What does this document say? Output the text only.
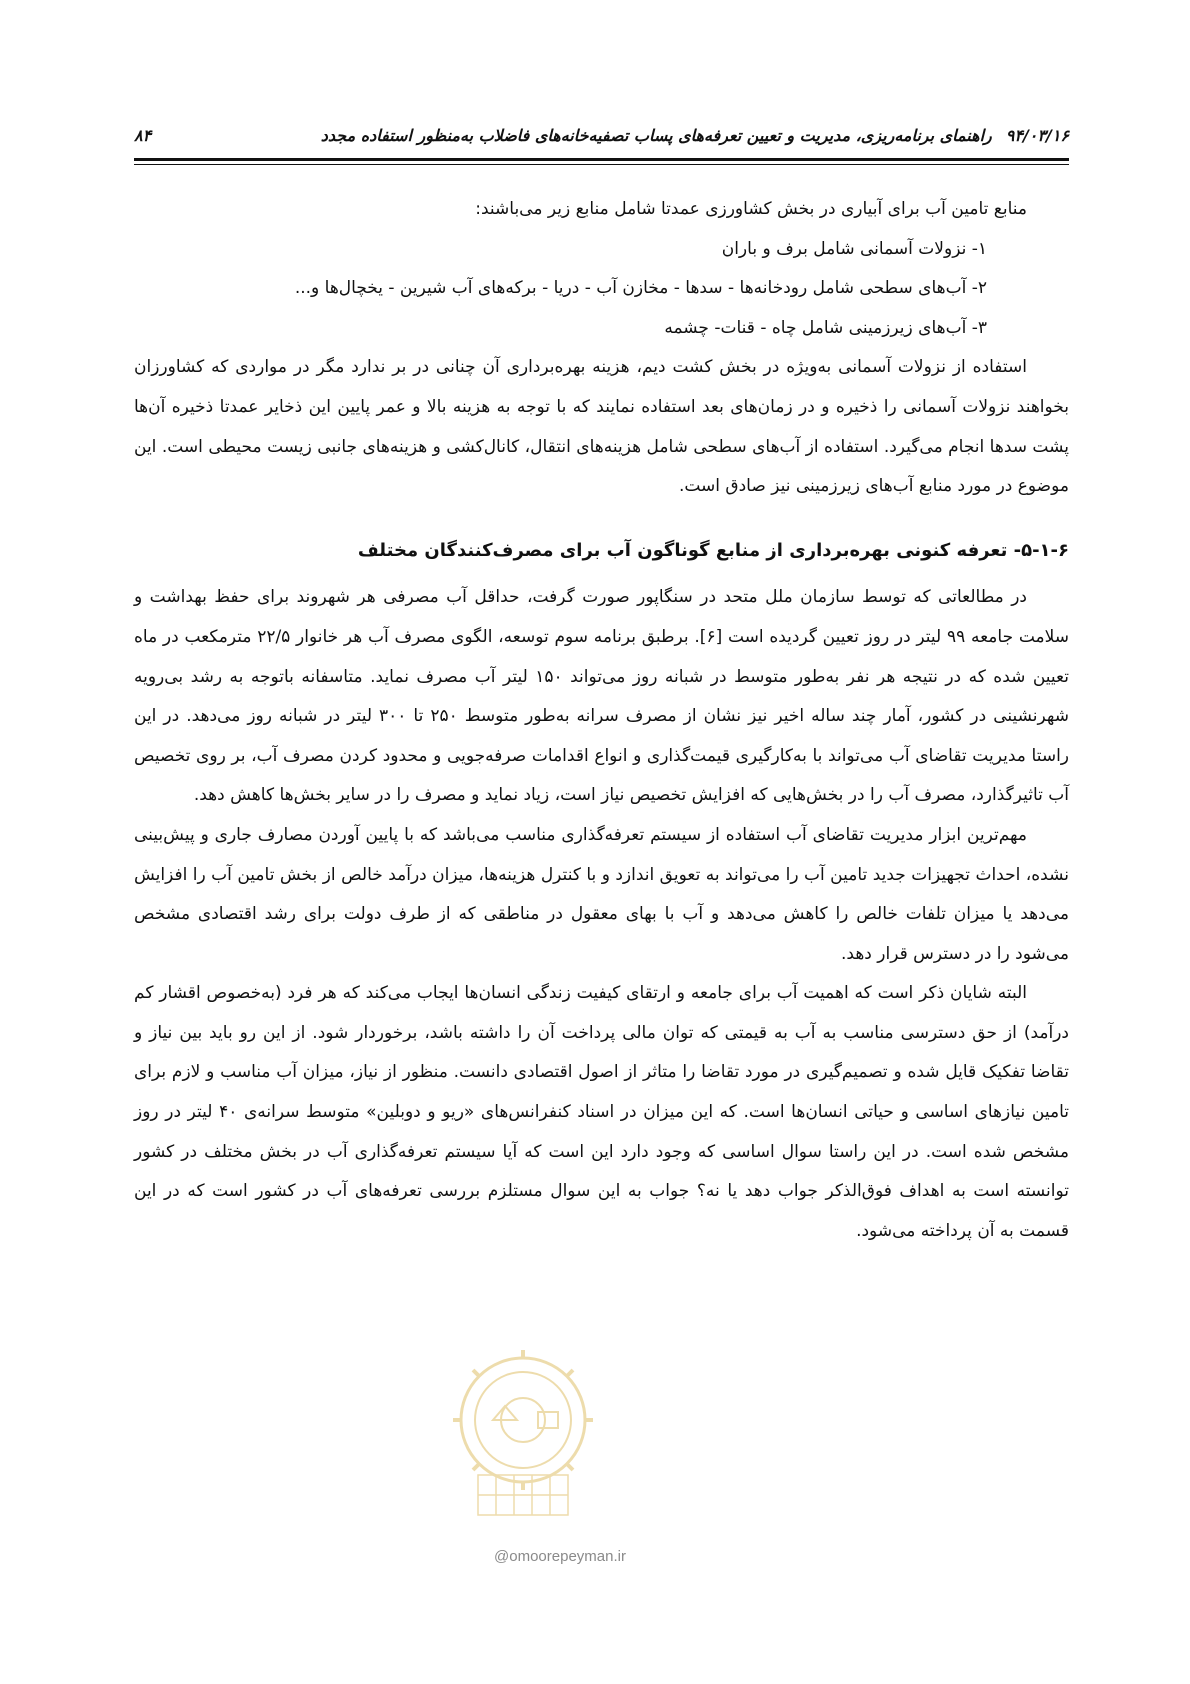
۹۴/۰۳/۱۶راهنمای برنامه‌ریزی، مدیریت و تعیین تعرفه‌های پساب تصفیه‌خانه‌های فاضلاب به‌منظور استفاده مجدد
۸۴

منابع تامین آب برای آبیاری در بخش کشاورزی عمدتا شامل منابع زیر می‌باشند:

۱- نزولات آسمانی شامل برف و باران

۲- آب‌های سطحی شامل رودخانه‌ها - سدها - مخازن آب - دریا - برکه‌های آب شیرین - یخچال‌ها و...

۳- آب‌های زیرزمینی شامل چاه - قنات- چشمه

استفاده از نزولات آسمانی به‌ویژه در بخش کشت دیم، هزینه بهره‌برداری آن چنانی در بر ندارد مگر در مواردی که کشاورزان بخواهند نزولات آسمانی را ذخیره و در زمان‌های بعد استفاده نمایند که با توجه به هزینه بالا و عمر پایین این ذخایر عمدتا ذخیره آن‌ها پشت سدها انجام می‌گیرد. استفاده از آب‌های سطحی شامل هزینه‌های انتقال، کانال‌کشی و هزینه‌های جانبی زیست محیطی است. این موضوع در مورد منابع آب‌های زیرزمینی نیز صادق است.

۵-۱-۶- تعرفه کنونی بهره‌برداری از منابع گوناگون آب برای مصرف‌کنندگان مختلف

در مطالعاتی که توسط سازمان ملل متحد در سنگاپور صورت گرفت، حداقل آب مصرفی هر شهروند برای حفظ بهداشت و سلامت جامعه ۹۹ لیتر در روز تعیین گردیده است [۶]. برطبق برنامه سوم توسعه، الگوی مصرف آب هر خانوار ۲۲/۵ مترمکعب در ماه تعیین شده که در نتیجه هر نفر به‌طور متوسط در شبانه روز می‌تواند ۱۵۰ لیتر آب مصرف نماید. متاسفانه باتوجه به رشد بی‌رویه شهرنشینی در کشور، آمار چند ساله اخیر نیز نشان از مصرف سرانه به‌طور متوسط ۲۵۰ تا ۳۰۰ لیتر در شبانه روز می‌دهد. در این راستا مدیریت تقاضای آب می‌تواند با به‌کارگیری قیمت‌گذاری و انواع اقدامات صرفه‌جویی و محدود کردن مصرف آب، بر روی تخصیص آب تاثیرگذارد، مصرف آب را در بخش‌هایی که افزایش تخصیص نیاز است، زیاد نماید و مصرف را در سایر بخش‌ها کاهش دهد.

مهم‌ترین ابزار مدیریت تقاضای آب استفاده از سیستم تعرفه‌گذاری مناسب می‌باشد که با پایین آوردن مصارف جاری و پیش‌بینی نشده، احداث تجهیزات جدید تامین آب را می‌تواند به تعویق اندازد و با کنترل هزینه‌ها، میزان درآمد خالص از بخش تامین آب را افزایش می‌دهد یا میزان تلفات خالص را کاهش می‌دهد و آب با بهای معقول در مناطقی که از طرف دولت برای رشد اقتصادی مشخص می‌شود را در دسترس قرار دهد.

البته شایان ذکر است که اهمیت آب برای جامعه و ارتقای کیفیت زندگی انسان‌ها ایجاب می‌کند که هر فرد (به‌خصوص اقشار کم درآمد) از حق دسترسی مناسب به آب به قیمتی که توان مالی پرداخت آن را داشته باشد، برخوردار شود. از این رو باید بین نیاز و تقاضا تفکیک قایل شده و تصمیم‌گیری در مورد تقاضا را متاثر از اصول اقتصادی دانست. منظور از نیاز، میزان آب مناسب و لازم برای تامین نیازهای اساسی و حیاتی انسان‌ها است. که این میزان در اسناد کنفرانس‌های «ریو و دوبلین» متوسط سرانه‌ی ۴۰ لیتر در روز مشخص شده است. در این راستا سوال اساسی که وجود دارد این است که آیا سیستم تعرفه‌گذاری آب در بخش مختلف در کشور توانسته است به اهداف فوق‌الذکر جواب دهد یا نه؟ جواب به این سوال مستلزم بررسی تعرفه‌های آب در کشور است که در این قسمت به آن پرداخته می‌شود.

@omoorepeyman.ir
